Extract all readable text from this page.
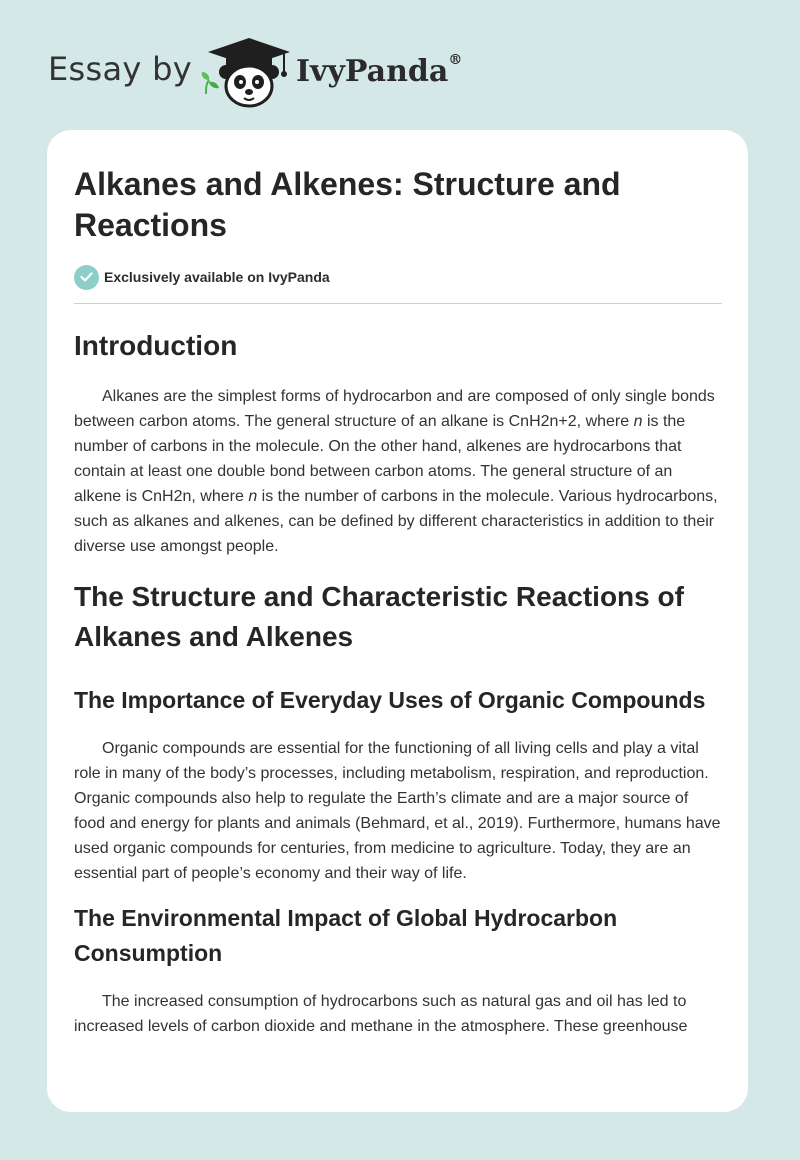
Essay by	IvyPanda®
Alkanes and Alkenes: Structure and Reactions
Exclusively available on IvyPanda
Introduction

Alkanes are the simplest forms of hydrocarbon and are composed of only single bonds between carbon atoms. The general structure of an alkane is CnH2n+2, where n is the number of carbons in the molecule. On the other hand, alkenes are hydrocarbons that contain at least one double bond between carbon atoms. The general structure of an alkene is CnH2n, where n is the number of carbons in the molecule. Various hydrocarbons, such as alkanes and alkenes, can be defined by different characteristics in addition to their diverse use amongst people.

The Structure and Characteristic Reactions of Alkanes and Alkenes
The Importance of Everyday Uses of Organic Compounds

Organic compounds are essential for the functioning of all living cells and play a vital role in many of the body’s processes, including metabolism, respiration, and reproduction. Organic compounds also help to regulate the Earth’s climate and are a major source of food and energy for plants and animals (Behmard, et al., 2019). Furthermore, humans have used organic compounds for centuries, from medicine to agriculture. Today, they are an essential part of people’s economy and their way of life.

The Environmental Impact of Global Hydrocarbon Consumption

The increased consumption of hydrocarbons such as natural gas and oil has led to increased levels of carbon dioxide and methane in the atmosphere. These greenhouse
